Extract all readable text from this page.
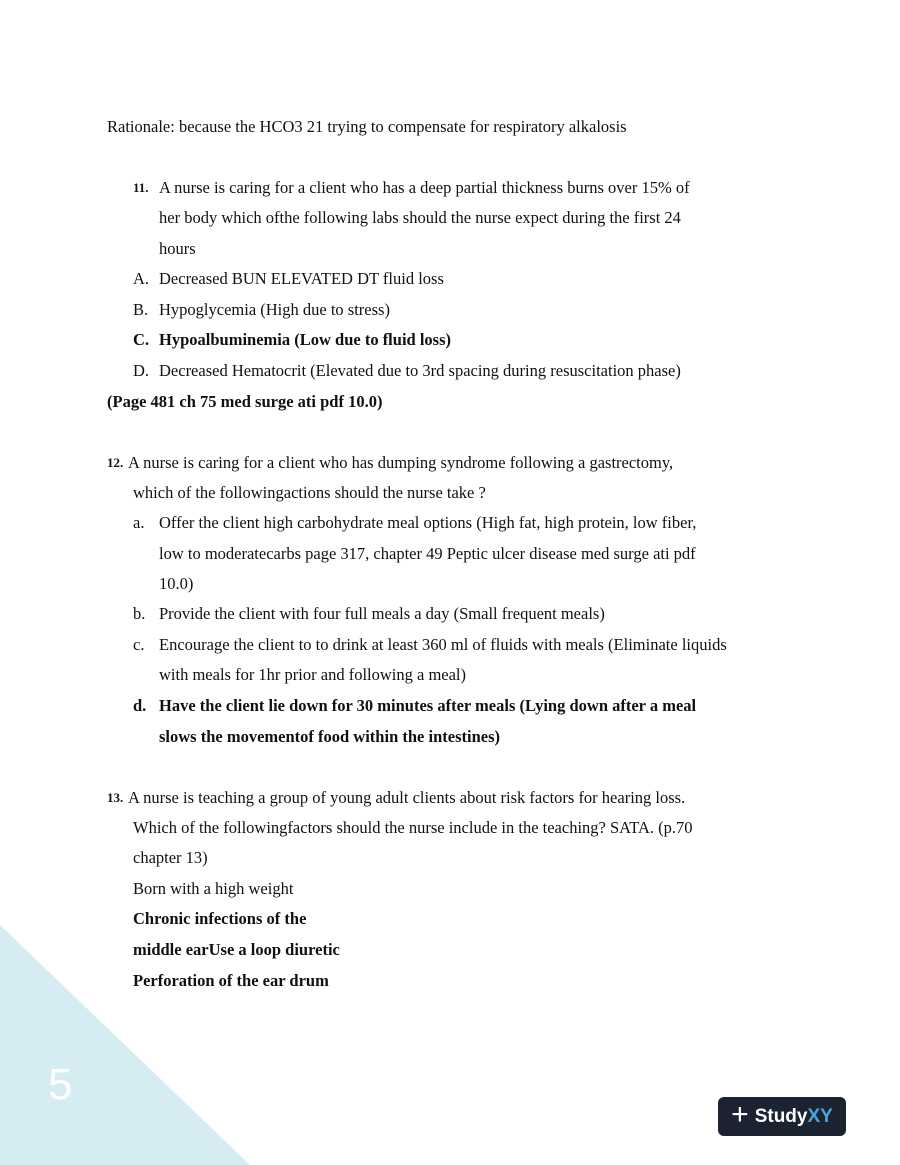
5
Rationale: because the HCO3 21 trying to compensate for respiratory alkalosis
11. A nurse is caring for a client who has a deep partial thickness burns over 15% of
her body which ofthe following labs should the nurse expect during the first 24
hours
A. Decreased BUN ELEVATED DT fluid loss
B. Hypoglycemia (High due to stress)
C. Hypoalbuminemia (Low due to fluid loss)
D. Decreased Hematocrit (Elevated due to 3rd spacing during resuscitation phase)
(Page 481 ch 75 med surge ati pdf 10.0)
12. A nurse is caring for a client who has dumping syndrome following a gastrectomy,
which of the followingactions should the nurse take ?
a. Offer the client high carbohydrate meal options (High fat, high protein, low fiber,
low to moderatecarbs page 317, chapter 49 Peptic ulcer disease med surge ati pdf
10.0)
b. Provide the client with four full meals a day (Small frequent meals)
c. Encourage the client to to drink at least 360 ml of fluids with meals (Eliminate liquids
with meals for 1hr prior and following a meal)
d. Have the client lie down for 30 minutes after meals (Lying down after a meal
slows the movementof food within the intestines)
13. A nurse is teaching a group of young adult clients about risk factors for hearing loss.
Which of the followingfactors should the nurse include in the teaching? SATA. (p.70
chapter 13)
Born with a high weight
Chronic infections of the
middle earUse a loop diuretic
Perforation of the ear drum
+ StudyXY
